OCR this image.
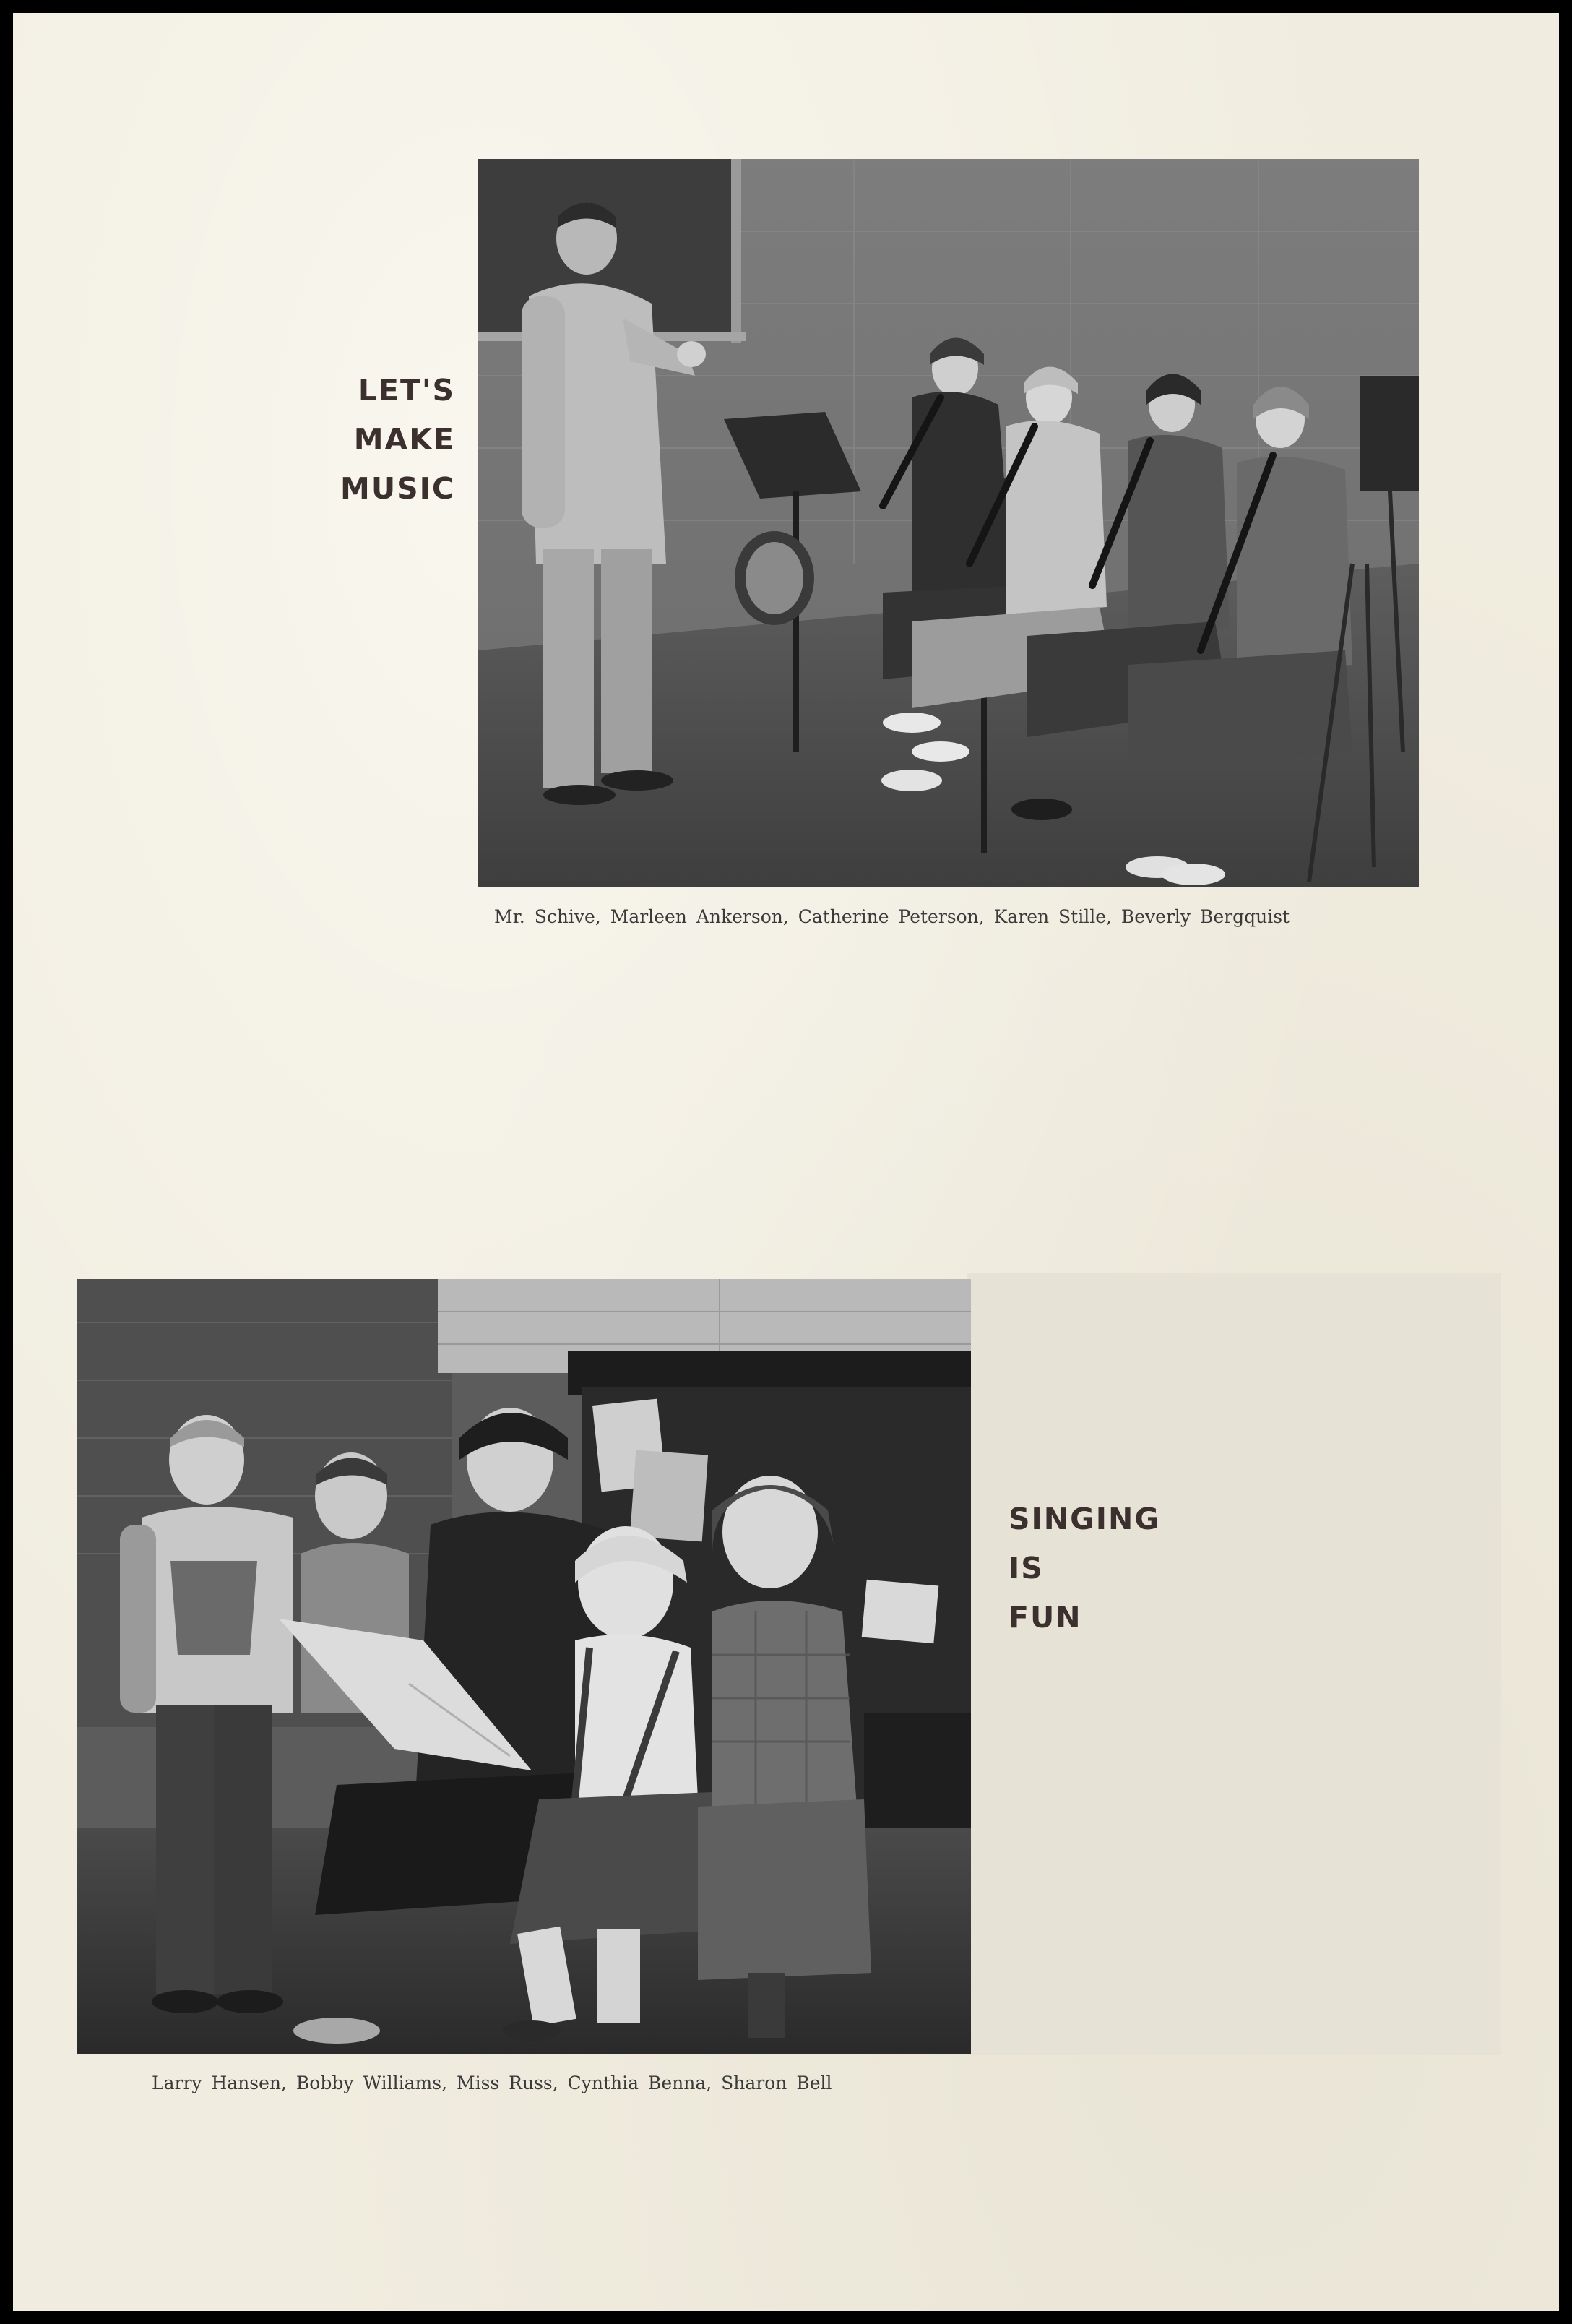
LET'S
MAKE
MUSIC
Mr. Schive, Marleen Ankerson, Catherine Peterson, Karen Stille, Beverly Bergquist
SINGING
IS
FUN
Larry Hansen, Bobby Williams, Miss Russ, Cynthia Benna, Sharon Bell
